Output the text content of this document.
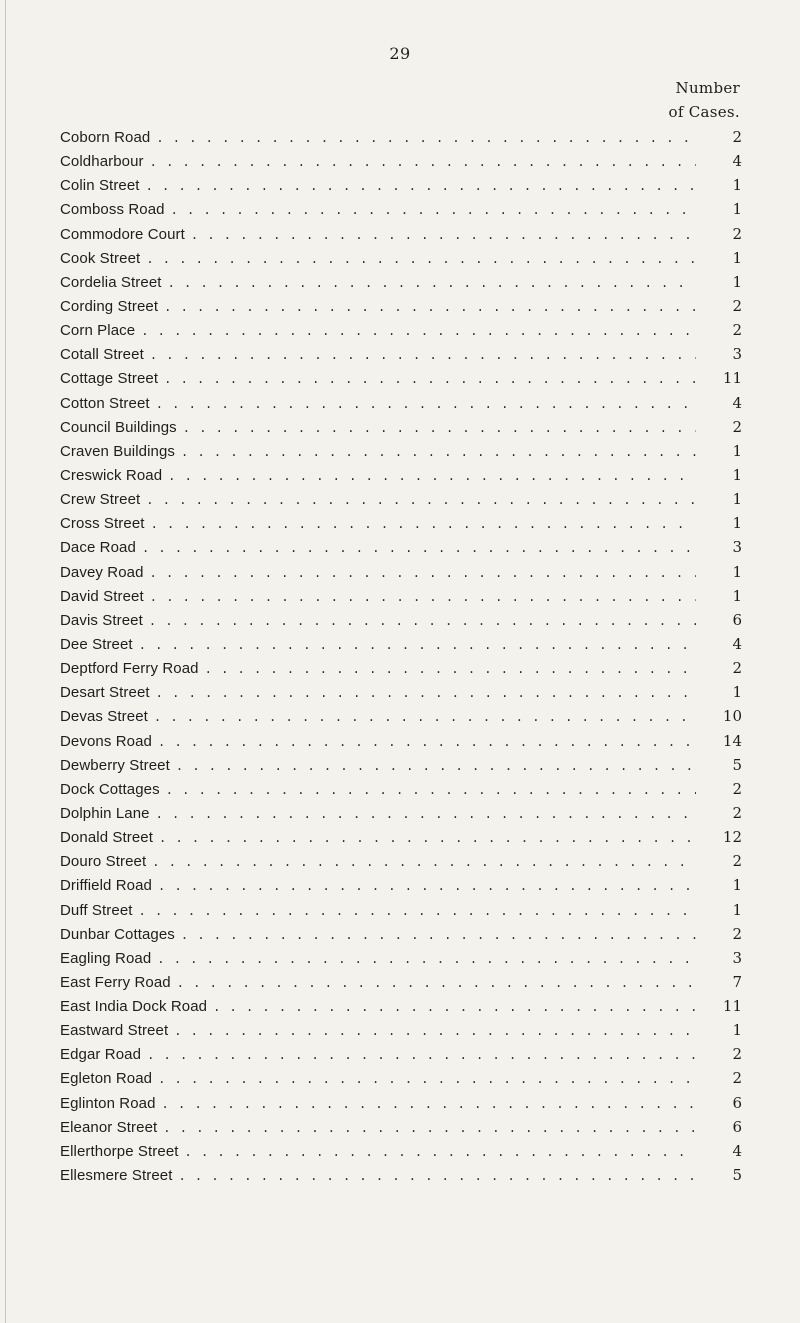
29
Number
of Cases.
Coborn Road . . .	2
Coldharbour . . .	4
Colin Street . . .	1
Comboss Road . . .	1
Commodore Court . . .	2
Cook Street . . .	1
Cordelia Street . . .	1
Cording Street . . .	2
Corn Place . . .	2
Cotall Street . . .	3
Cottage Street . . .	11
Cotton Street . . .	4
Council Buildings . . .	2
Craven Buildings . . .	1
Creswick Road . . .	1
Crew Street . . .	1
Cross Street . . .	1
Dace Road . . .	3
Davey Road . . .	1
David Street . . .	1
Davis Street . . .	6
Dee Street . . .	4
Deptford Ferry Road . . .	2
Desart Street . . .	1
Devas Street . . .	10
Devons Road . . .	14
Dewberry Street . . .	5
Dock Cottages . . .	2
Dolphin Lane . . .	2
Donald Street . . .	12
Douro Street . . .	2
Driffield Road . . .	1
Duff Street . . .	1
Dunbar Cottages . . .	2
Eagling Road . . .	3
East Ferry Road . . .	7
East India Dock Road . . .	11
Eastward Street . . .	1
Edgar Road . . .	2
Egleton Road . . .	2
Eglinton Road . . .	6
Eleanor Street . . .	6
Ellerthorpe Street . . .	4
Ellesmere Street . . .	5
